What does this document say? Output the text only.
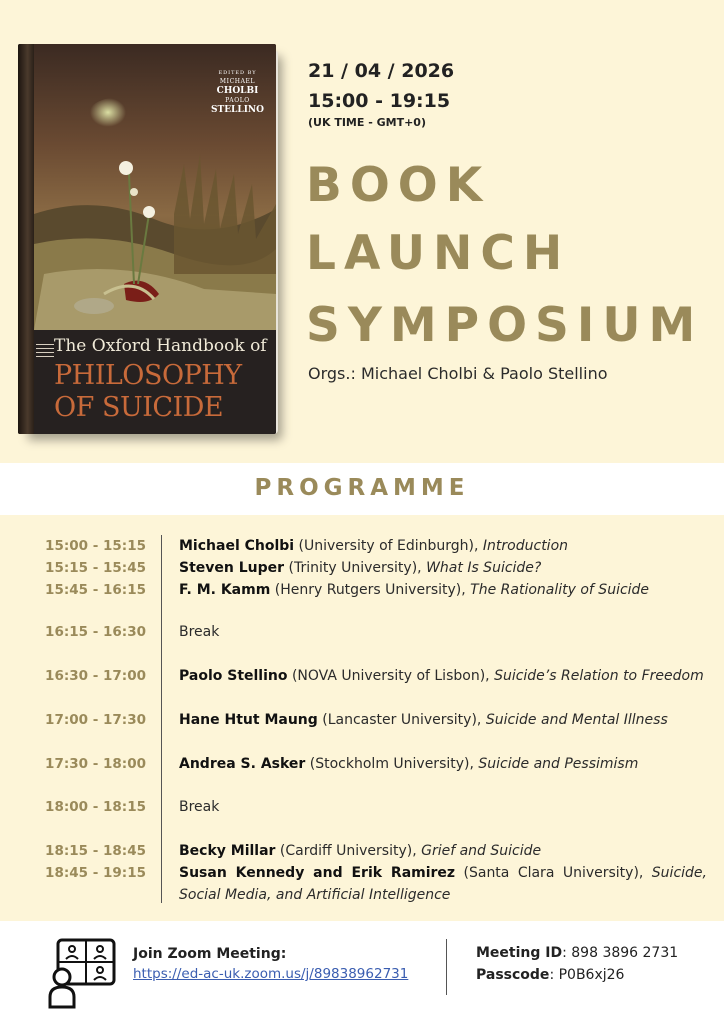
EDITED BY
MICHAEL
CHOLBI
PAOLO
STELLINO
The Oxford Handbook of
PHILOSOPHY
OF SUICIDE
21 / 04 / 2026
15:00 - 19:15
(UK TIME - GMT+0)
BOOK
LAUNCH
SYMPOSIUM
Orgs.: Michael Cholbi & Paolo Stellino
PROGRAMME
15:00 - 15:15 Michael Cholbi (University of Edinburgh), Introduction
15:15 - 15:45 Steven Luper (Trinity University), What Is Suicide?
15:45 - 16:15 F. M. Kamm (Henry Rutgers University), The Rationality of Suicide
16:15 - 16:30 Break
16:30 - 17:00 Paolo Stellino (NOVA University of Lisbon), Suicide’s Relation to Freedom
17:00 - 17:30 Hane Htut Maung (Lancaster University), Suicide and Mental Illness
17:30 - 18:00 Andrea S. Asker (Stockholm University), Suicide and Pessimism
18:00 - 18:15 Break
18:15 - 18:45 Becky Millar (Cardiff University), Grief and Suicide
18:45 - 19:15 Susan Kennedy and Erik Ramirez (Santa Clara University), Suicide, Social Media, and Artificial Intelligence
Join Zoom Meeting:
https://ed-ac-uk.zoom.us/j/89838962731
Meeting ID: 898 3896 2731
Passcode: P0B6xj26
